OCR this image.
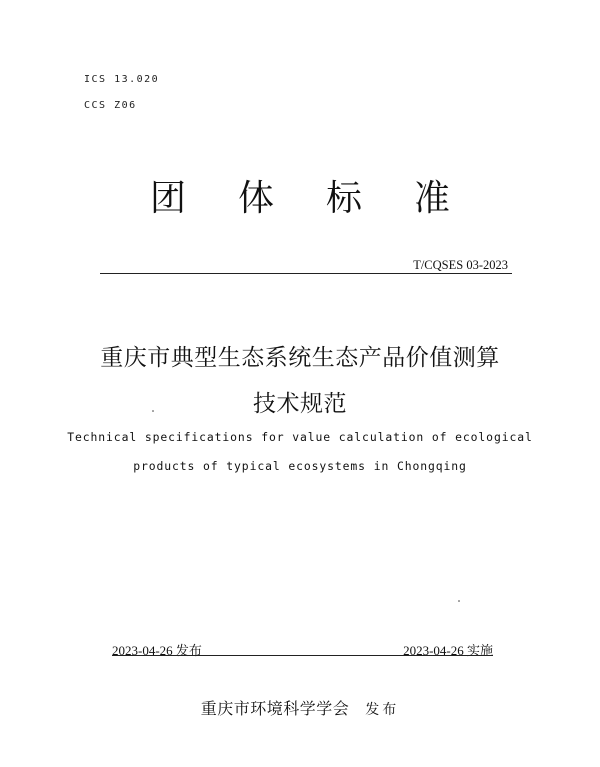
ICS 13.020
CCS Z06
团 体 标 准
T/CQSES 03-2023
重庆市典型生态系统生态产品价值测算
技术规范
Technical specifications for value calculation of ecological
products of typical ecosystems in Chongqing
2023-04-26 发布	2023-04-26 实施
重庆市环境科学学会 发布
